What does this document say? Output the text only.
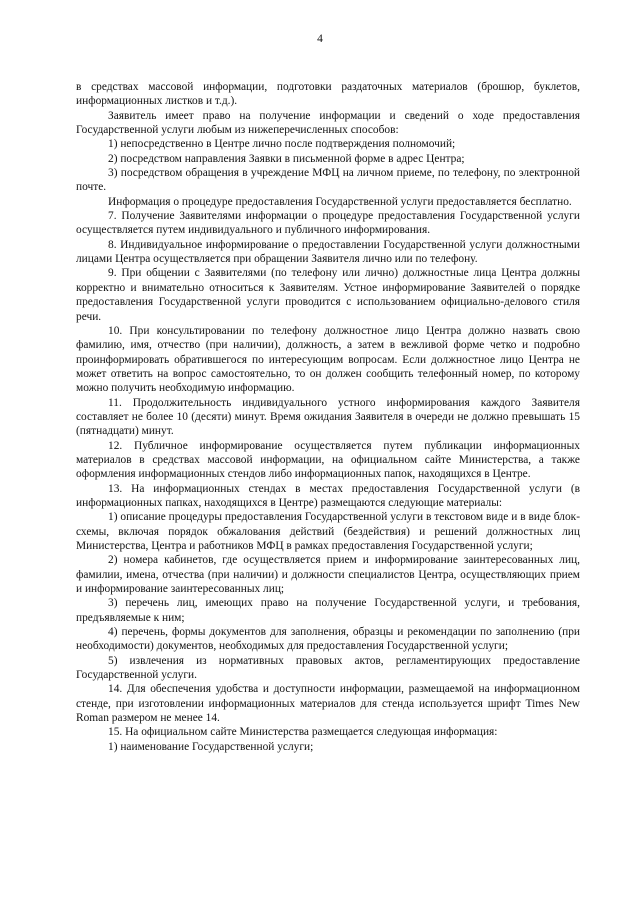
4

в средствах массовой информации, подготовки раздаточных материалов (брошюр, буклетов, информационных листков и т.д.).

Заявитель имеет право на получение информации и сведений о ходе предоставления Государственной услуги любым из нижеперечисленных способов:

1) непосредственно в Центре лично после подтверждения полномочий;

2) посредством направления Заявки в письменной форме в адрес Центра;

3) посредством обращения в учреждение МФЦ на личном приеме, по телефону, по электронной почте.

Информация о процедуре предоставления Государственной услуги предоставляется бесплатно.

7. Получение Заявителями информации о процедуре предоставления Государственной услуги осуществляется путем индивидуального и публичного информирования.

8. Индивидуальное информирование о предоставлении Государственной услуги должностными лицами Центра осуществляется при обращении Заявителя лично или по телефону.

9. При общении с Заявителями (по телефону или лично) должностные лица Центра должны корректно и внимательно относиться к Заявителям. Устное информирование Заявителей о порядке предоставления Государственной услуги проводится с использованием официально-делового стиля речи.

10. При консультировании по телефону должностное лицо Центра должно назвать свою фамилию, имя, отчество (при наличии), должность, а затем в вежливой форме четко и подробно проинформировать обратившегося по интересующим вопросам. Если должностное лицо Центра не может ответить на вопрос самостоятельно, то он должен сообщить телефонный номер, по которому можно получить необходимую информацию.

11. Продолжительность индивидуального устного информирования каждого Заявителя составляет не более 10 (десяти) минут. Время ожидания Заявителя в очереди не должно превышать 15 (пятнадцати) минут.

12. Публичное информирование осуществляется путем публикации информационных материалов в средствах массовой информации, на официальном сайте Министерства, а также оформления информационных стендов либо информационных папок, находящихся в Центре.

13. На информационных стендах в местах предоставления Государственной услуги (в информационных папках, находящихся в Центре) размещаются следующие материалы:

1) описание процедуры предоставления Государственной услуги в текстовом виде и в виде блок-схемы, включая порядок обжалования действий (бездействия) и решений должностных лиц Министерства, Центра и работников МФЦ в рамках предоставления Государственной услуги;

2) номера кабинетов, где осуществляется прием и информирование заинтересованных лиц, фамилии, имена, отчества (при наличии) и должности специалистов Центра, осуществляющих прием и информирование заинтересованных лиц;

3) перечень лиц, имеющих право на получение Государственной услуги, и требования, предъявляемые к ним;

4) перечень, формы документов для заполнения, образцы и рекомендации по заполнению (при необходимости) документов, необходимых для предоставления Государственной услуги;

5) извлечения из нормативных правовых актов, регламентирующих предоставление Государственной услуги.

14. Для обеспечения удобства и доступности информации, размещаемой на информационном стенде, при изготовлении информационных материалов для стенда используется шрифт Times New Roman размером не менее 14.

15. На официальном сайте Министерства размещается следующая информация:

1) наименование Государственной услуги;
